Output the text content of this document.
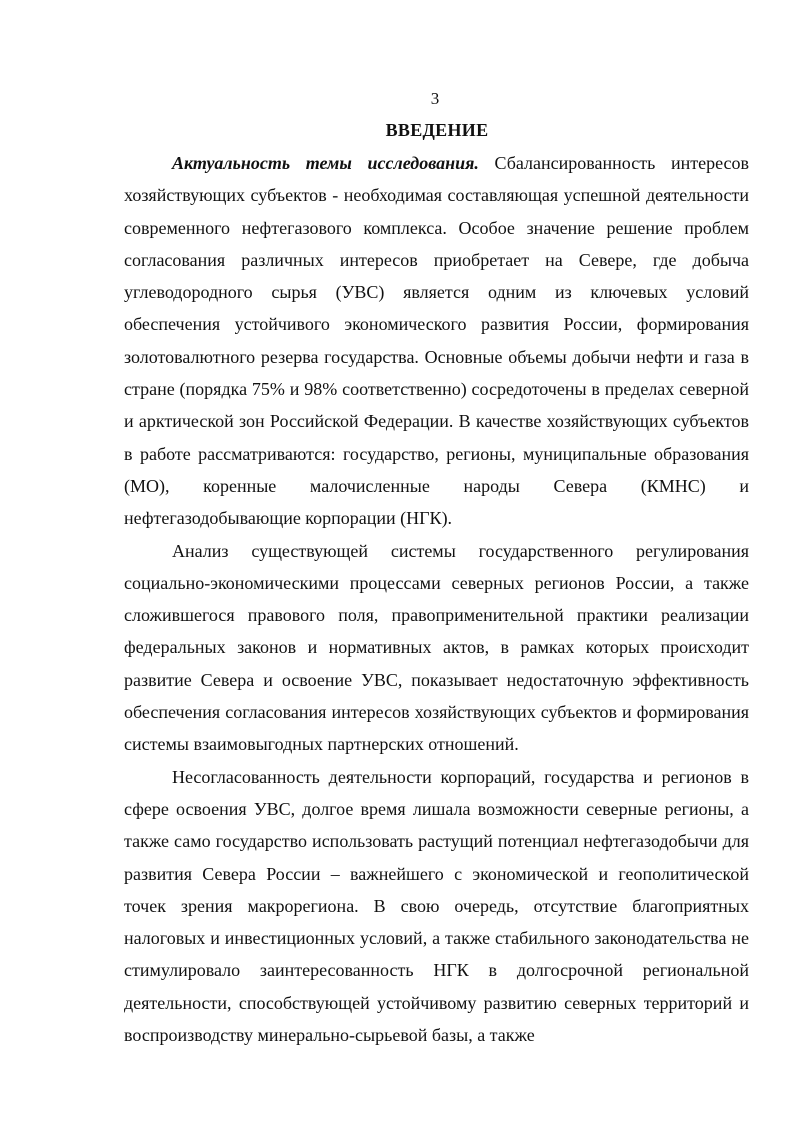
3
ВВЕДЕНИЕ

Актуальность темы исследования. Сбалансированность интересов хозяйствующих субъектов - необходимая составляющая успешной деятельности современного нефтегазового комплекса. Особое значение решение проблем согласования различных интересов приобретает на Севере, где добыча углеводородного сырья (УВС) является одним из ключевых условий обеспечения устойчивого экономического развития России, формирования золотовалютного резерва государства. Основные объемы добычи нефти и газа в стране (порядка 75% и 98% соответственно) сосредоточены в пределах северной и арктической зон Российской Федерации. В качестве хозяйствующих субъектов в работе рассматриваются: государство, регионы, муниципальные образования (МО), коренные малочисленные народы Севера (КМНС) и нефтегазодобывающие корпорации (НГК).

Анализ существующей системы государственного регулирования социально-экономическими процессами северных регионов России, а также сложившегося правового поля, правоприменительной практики реализации федеральных законов и нормативных актов, в рамках которых происходит развитие Севера и освоение УВС, показывает недостаточную эффективность обеспечения согласования интересов хозяйствующих субъектов и формирования системы взаимовыгодных партнерских отношений.

Несогласованность деятельности корпораций, государства и регионов в сфере освоения УВС, долгое время лишала возможности северные регионы, а также само государство использовать растущий потенциал нефтегазодобычи для развития Севера России – важнейшего с экономической и геополитической точек зрения макрорегиона. В свою очередь, отсутствие благоприятных налоговых и инвестиционных условий, а также стабильного законодательства не стимулировало заинтересованность НГК в долгосрочной региональной деятельности, способствующей устойчивому развитию северных территорий и воспроизводству минерально-сырьевой базы, а также
